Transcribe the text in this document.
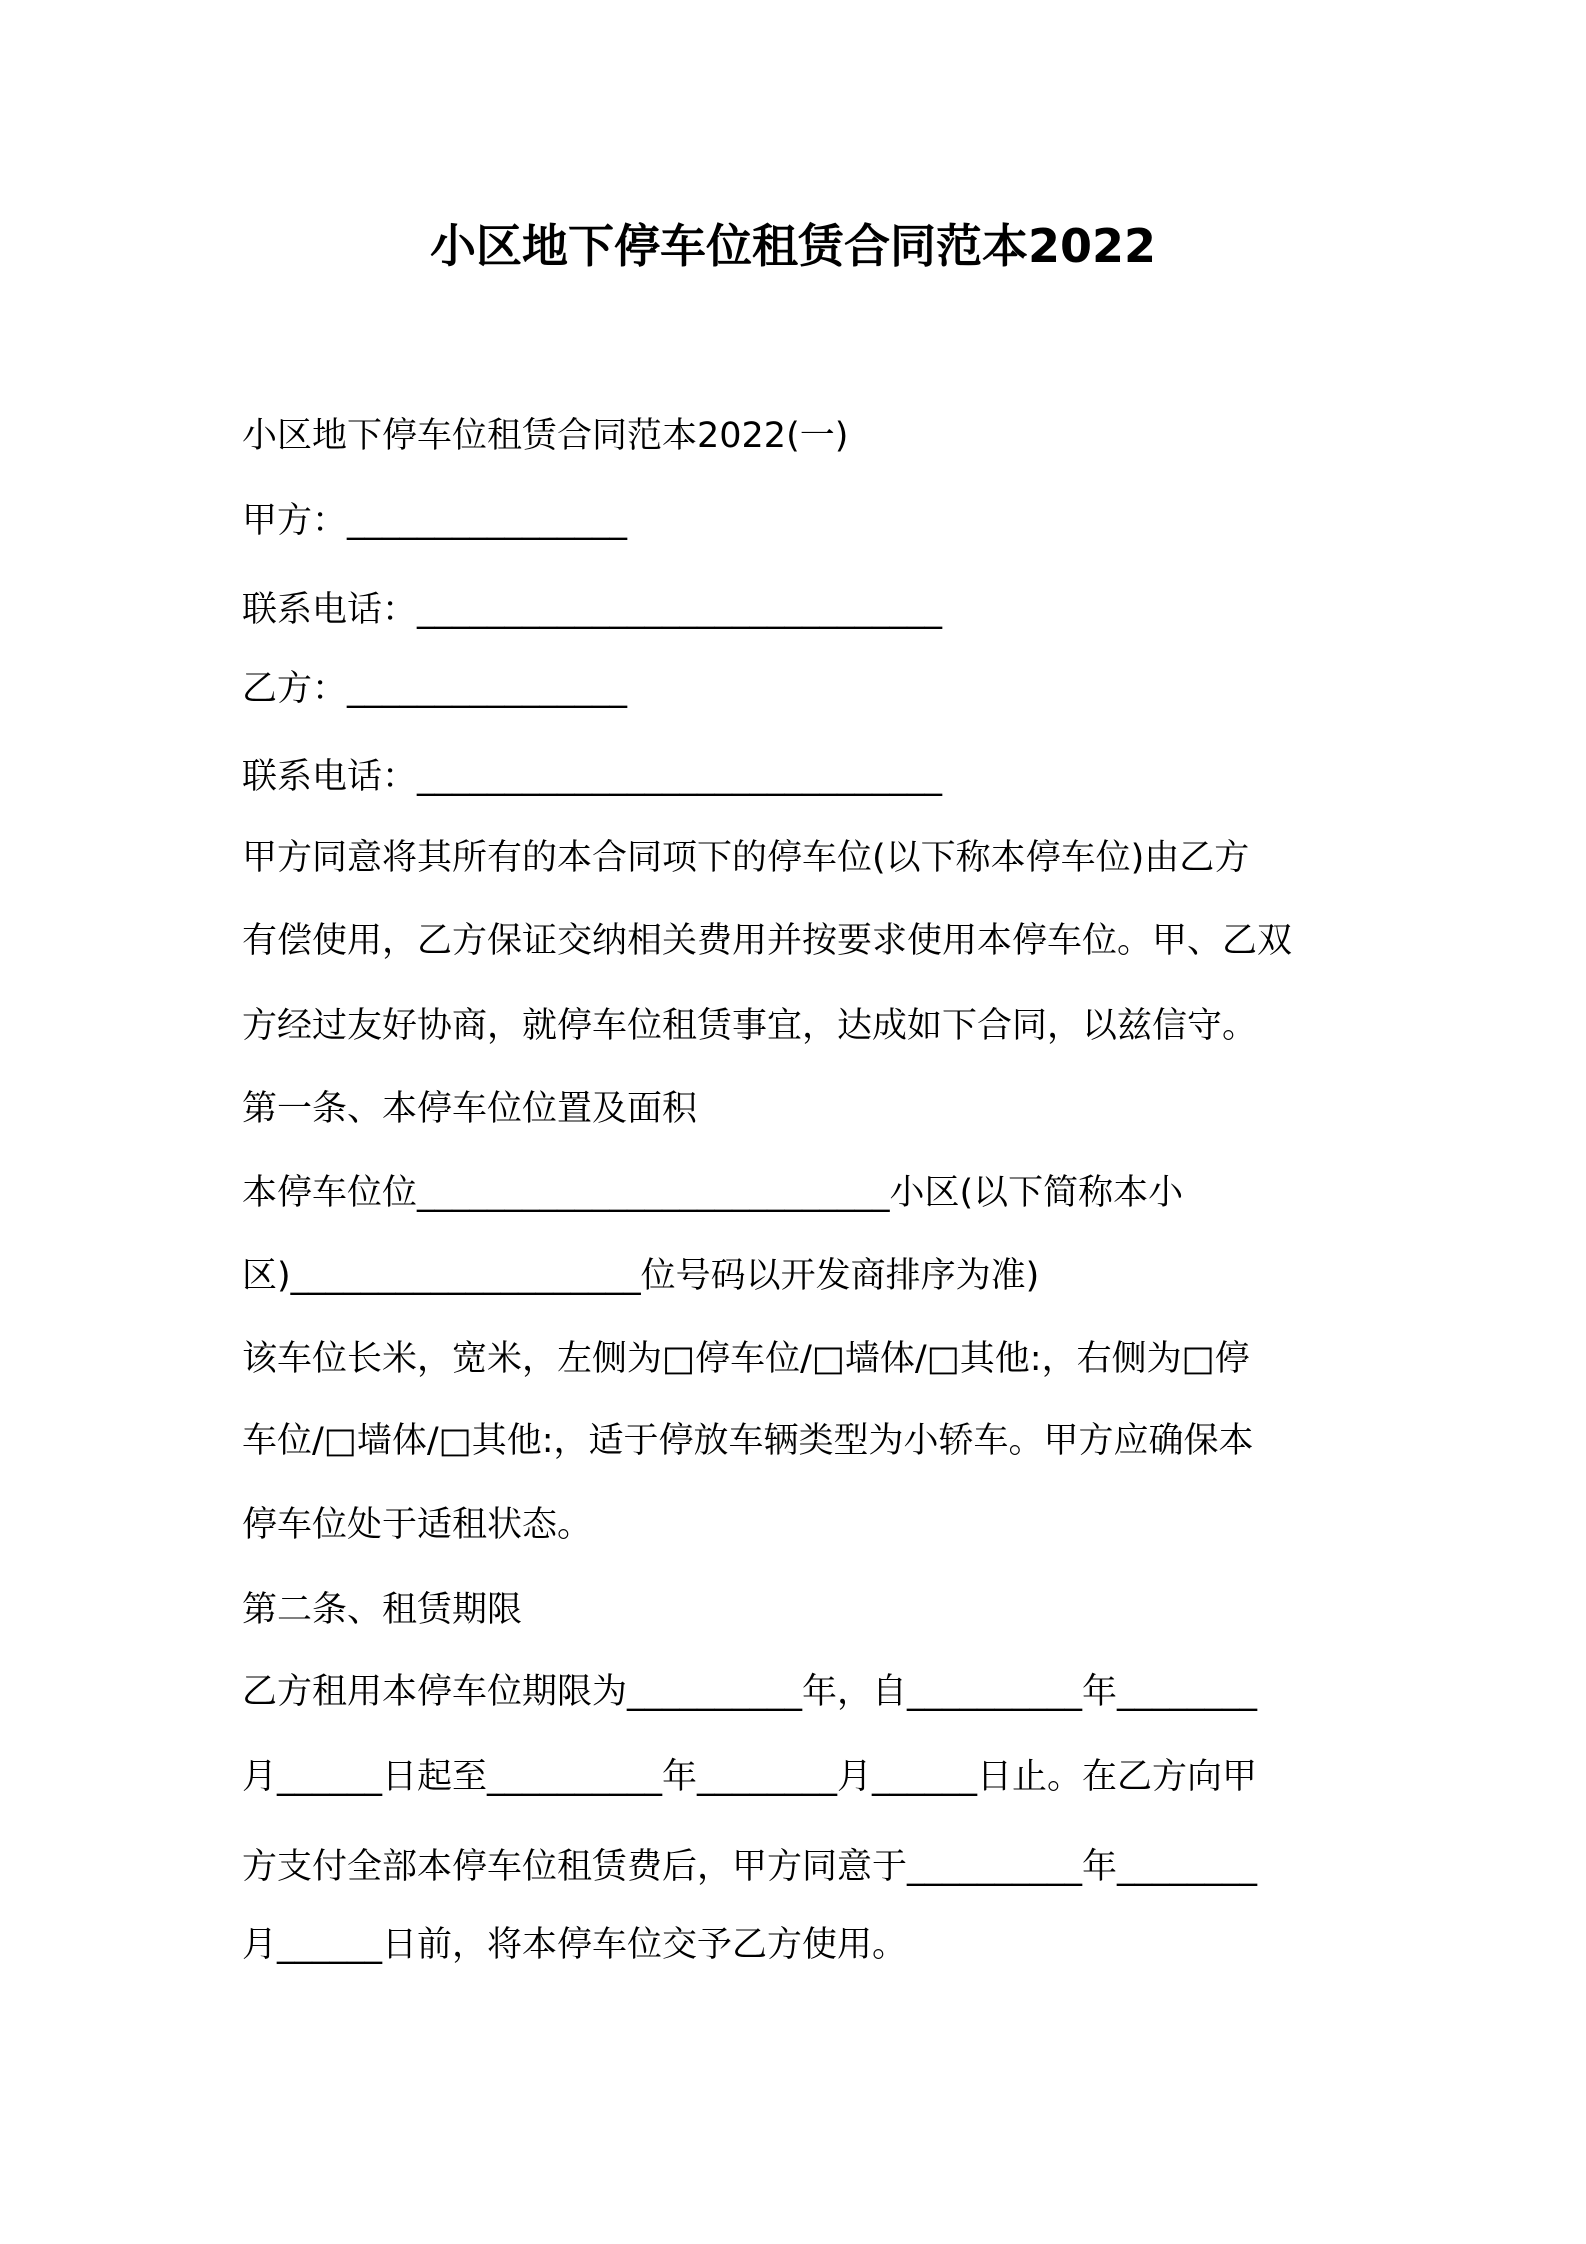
小区地下停车位租赁合同范本2022
小区地下停车位租赁合同范本2022(一)
甲方：________________
联系电话：______________________________
乙方：________________
联系电话：______________________________
甲方同意将其所有的本合同项下的停车位(以下称本停车位)由乙方
有偿使用，乙方保证交纳相关费用并按要求使用本停车位。甲、乙双
方经过友好协商，就停车位租赁事宜，达成如下合同，以兹信守。
第一条、本停车位位置及面积
本停车位位___________________________小区(以下简称本小
区)____________________位号码以开发商排序为准)
该车位长米，宽米，左侧为□停车位/□墙体/□其他:，右侧为□停
车位/□墙体/□其他:，适于停放车辆类型为小轿车。甲方应确保本
停车位处于适租状态。
第二条、租赁期限
乙方租用本停车位期限为__________年，自__________年________
月______日起至__________年________月______日止。在乙方向甲
方支付全部本停车位租赁费后，甲方同意于__________年________
月______日前，将本停车位交予乙方使用。
